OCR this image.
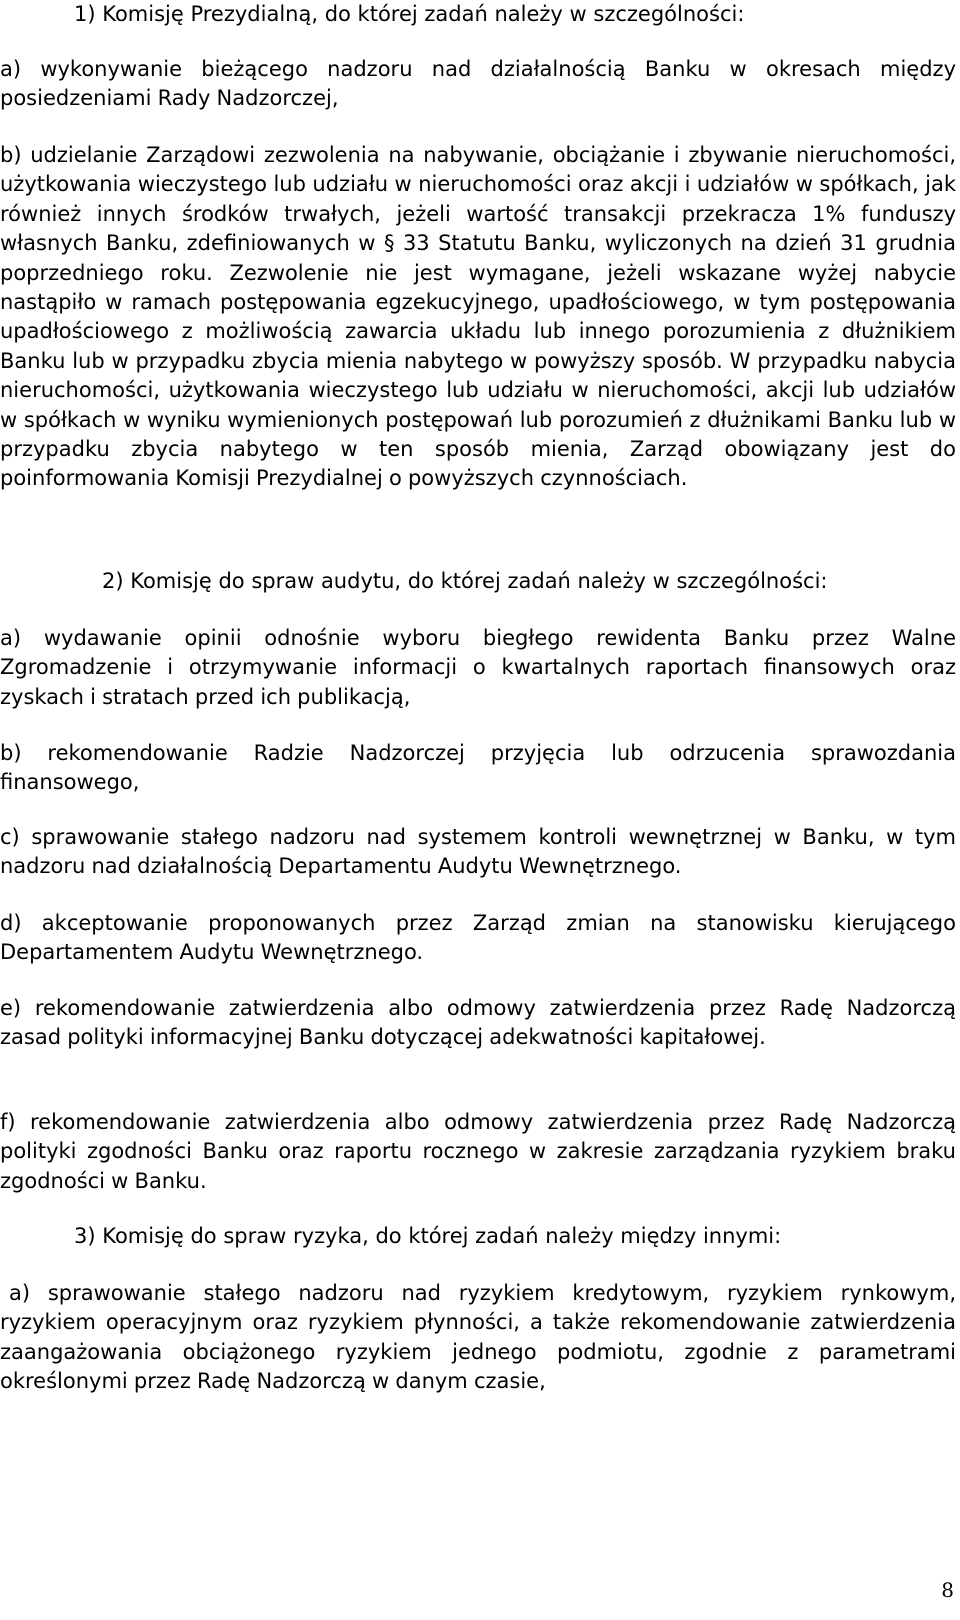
1) Komisję Prezydialną, do której zadań należy w szczególności:
a) wykonywanie bieżącego nadzoru nad działalnością Banku w okresach między posiedzeniami Rady Nadzorczej,
b) udzielanie Zarządowi zezwolenia na nabywanie, obciążanie i zbywanie nieruchomości, użytkowania wieczystego lub udziału w nieruchomości oraz akcji i udziałów w spółkach, jak również innych środków trwałych, jeżeli wartość transakcji przekracza 1% funduszy własnych Banku, zdefiniowanych w § 33 Statutu Banku, wyliczonych na dzień 31 grudnia poprzedniego roku. Zezwolenie nie jest wymagane, jeżeli wskazane wyżej nabycie nastąpiło w ramach postępowania egzekucyjnego, upadłościowego, w tym postępowania upadłościowego z możliwością zawarcia układu lub innego porozumienia z dłużnikiem Banku lub w przypadku zbycia mienia nabytego w powyższy sposób. W przypadku nabycia nieruchomości, użytkowania wieczystego lub udziału w nieruchomości, akcji lub udziałów w spółkach w wyniku wymienionych postępowań lub porozumień z dłużnikami Banku lub w przypadku zbycia nabytego w ten sposób mienia, Zarząd obowiązany jest do poinformowania Komisji Prezydialnej o powyższych czynnościach.
2) Komisję do spraw audytu, do której zadań należy w szczególności:
a) wydawanie opinii odnośnie wyboru biegłego rewidenta Banku przez Walne Zgromadzenie i otrzymywanie informacji o kwartalnych raportach finansowych oraz zyskach i stratach przed ich publikacją,
b) rekomendowanie Radzie Nadzorczej przyjęcia lub odrzucenia sprawozdania finansowego,
c) sprawowanie stałego nadzoru nad systemem kontroli wewnętrznej w Banku, w tym nadzoru nad działalnością Departamentu Audytu Wewnętrznego.
d) akceptowanie proponowanych przez Zarząd zmian na stanowisku kierującego Departamentem Audytu Wewnętrznego.
e) rekomendowanie zatwierdzenia albo odmowy zatwierdzenia przez Radę Nadzorczą zasad polityki informacyjnej Banku dotyczącej adekwatności kapitałowej.
f) rekomendowanie zatwierdzenia albo odmowy zatwierdzenia przez Radę Nadzorczą polityki zgodności Banku oraz raportu rocznego w zakresie zarządzania ryzykiem braku zgodności w Banku.
3) Komisję do spraw ryzyka, do której zadań należy między innymi:
a) sprawowanie stałego nadzoru nad ryzykiem kredytowym, ryzykiem rynkowym, ryzykiem operacyjnym oraz ryzykiem płynności, a także rekomendowanie zatwierdzenia zaangażowania obciążonego ryzykiem jednego podmiotu, zgodnie z parametrami określonymi przez Radę Nadzorczą w danym czasie,
8
